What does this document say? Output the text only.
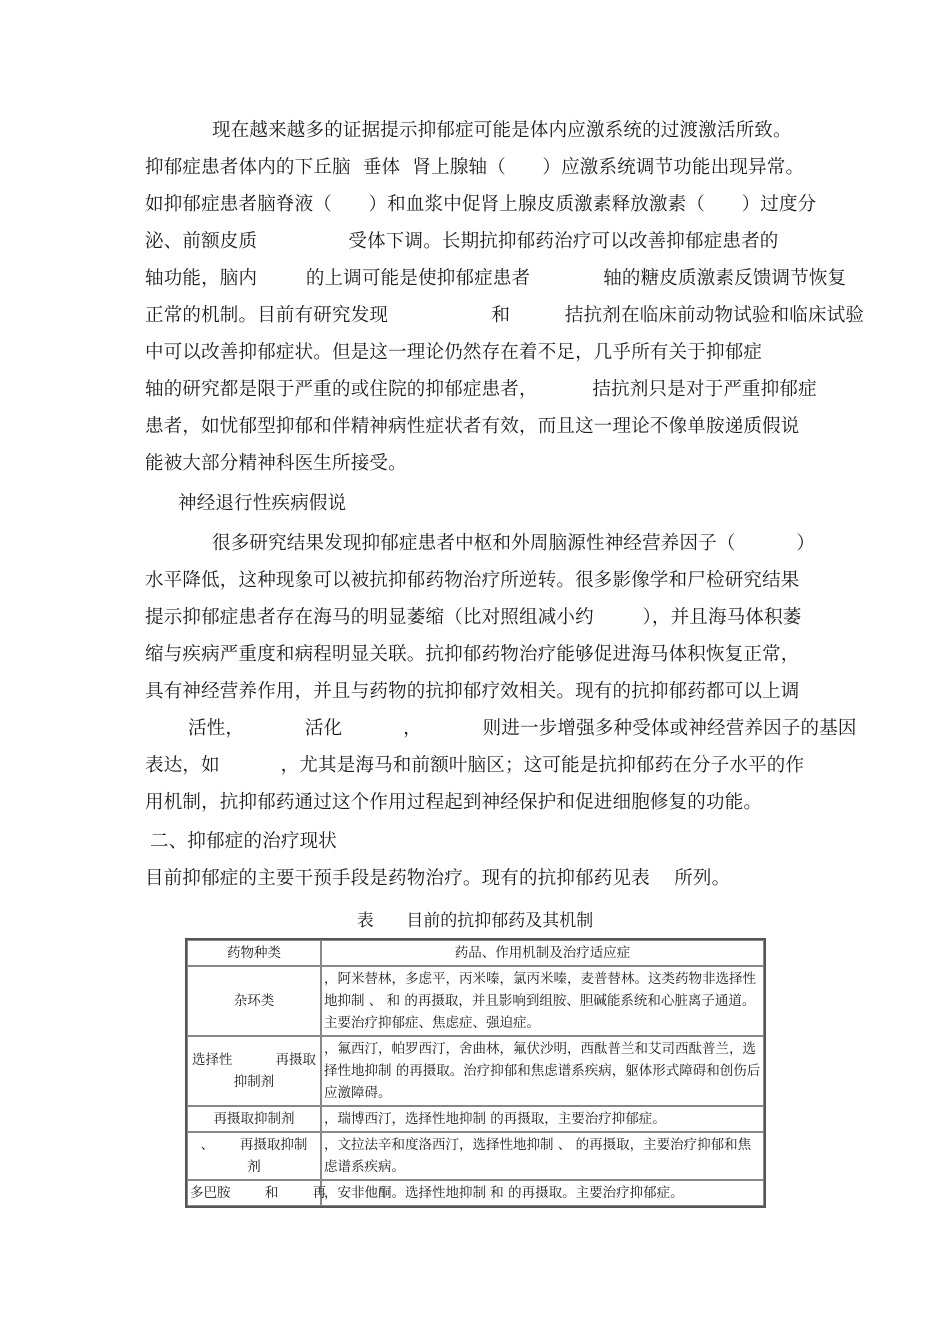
现在越来越多的证据提示抑郁症可能是体内应激系统的过渡激活所致。
抑郁症患者体内的下丘脑  垂体  肾上腺轴（      ）应激系统调节功能出现异常。
如抑郁症患者脑脊液（      ）和血浆中促肾上腺皮质激素释放激素（      ）过度分
泌、前额皮质               受体下调。长期抗抑郁药治疗可以改善抑郁症患者的
轴功能，脑内        的上调可能是使抑郁症患者            轴的糖皮质激素反馈调节恢复
正常的机制。目前有研究发现                 和         拮抗剂在临床前动物试验和临床试验
中可以改善抑郁症状。但是这一理论仍然存在着不足，几乎所有关于抑郁症
轴的研究都是限于严重的或住院的抑郁症患者，         拮抗剂只是对于严重抑郁症
患者，如忧郁型抑郁和伴精神病性症状者有效，而且这一理论不像单胺递质假说
能被大部分精神科医生所接受。
神经退行性疾病假说
很多研究结果发现抑郁症患者中枢和外周脑源性神经营养因子（          ）
水平降低，这种现象可以被抗抑郁药物治疗所逆转。很多影像学和尸检研究结果
提示抑郁症患者存在海马的明显萎缩（比对照组减小约        ），并且海马体积萎
缩与疾病严重度和病程明显关联。抗抑郁药物治疗能够促进海马体积恢复正常，
具有神经营养作用，并且与药物的抗抑郁疗效相关。现有的抗抑郁药都可以上调
活性，          活化          ，          则进一步增强多种受体或神经营养因子的基因
表达，如          ，尤其是海马和前额叶脑区；这可能是抗抑郁药在分子水平的作
用机制，抗抑郁药通过这个作用过程起到神经保护和促进细胞修复的功能。
二、抑郁症的治疗现状
目前抑郁症的主要干预手段是药物治疗。现有的抗抑郁药见表    所列。
表      目前的抗抑郁药及其机制
药物种类	药品、作用机制及治疗适应症
杂环类	，阿米替林，多虑平，丙米嗪，氯丙米嗪，麦普替林。这类药物非选择性地抑制 、 和 的再摄取，并且影响到组胺、胆碱能系统和心脏离子通道。主要治疗抑郁症、焦虑症、强迫症。
选择性          再摄取
抑制剂	，氟西汀，帕罗西汀，舍曲林，氟伏沙明，西酞普兰和艾司西酞普兰，选择性地抑制 的再摄取。治疗抑郁和焦虑谱系疾病，躯体形式障碍和创伤后应激障碍。
再摄取抑制剂	，瑞博西汀，选择性地抑制 的再摄取，主要治疗抑郁症。
、      再摄取抑制
剂	，文拉法辛和度洛西汀，选择性地抑制 、 的再摄取，主要治疗抑郁和焦虑谱系疾病。
多巴胺        和        再	，安非他酮。选择性地抑制 和 的再摄取。主要治疗抑郁症。
